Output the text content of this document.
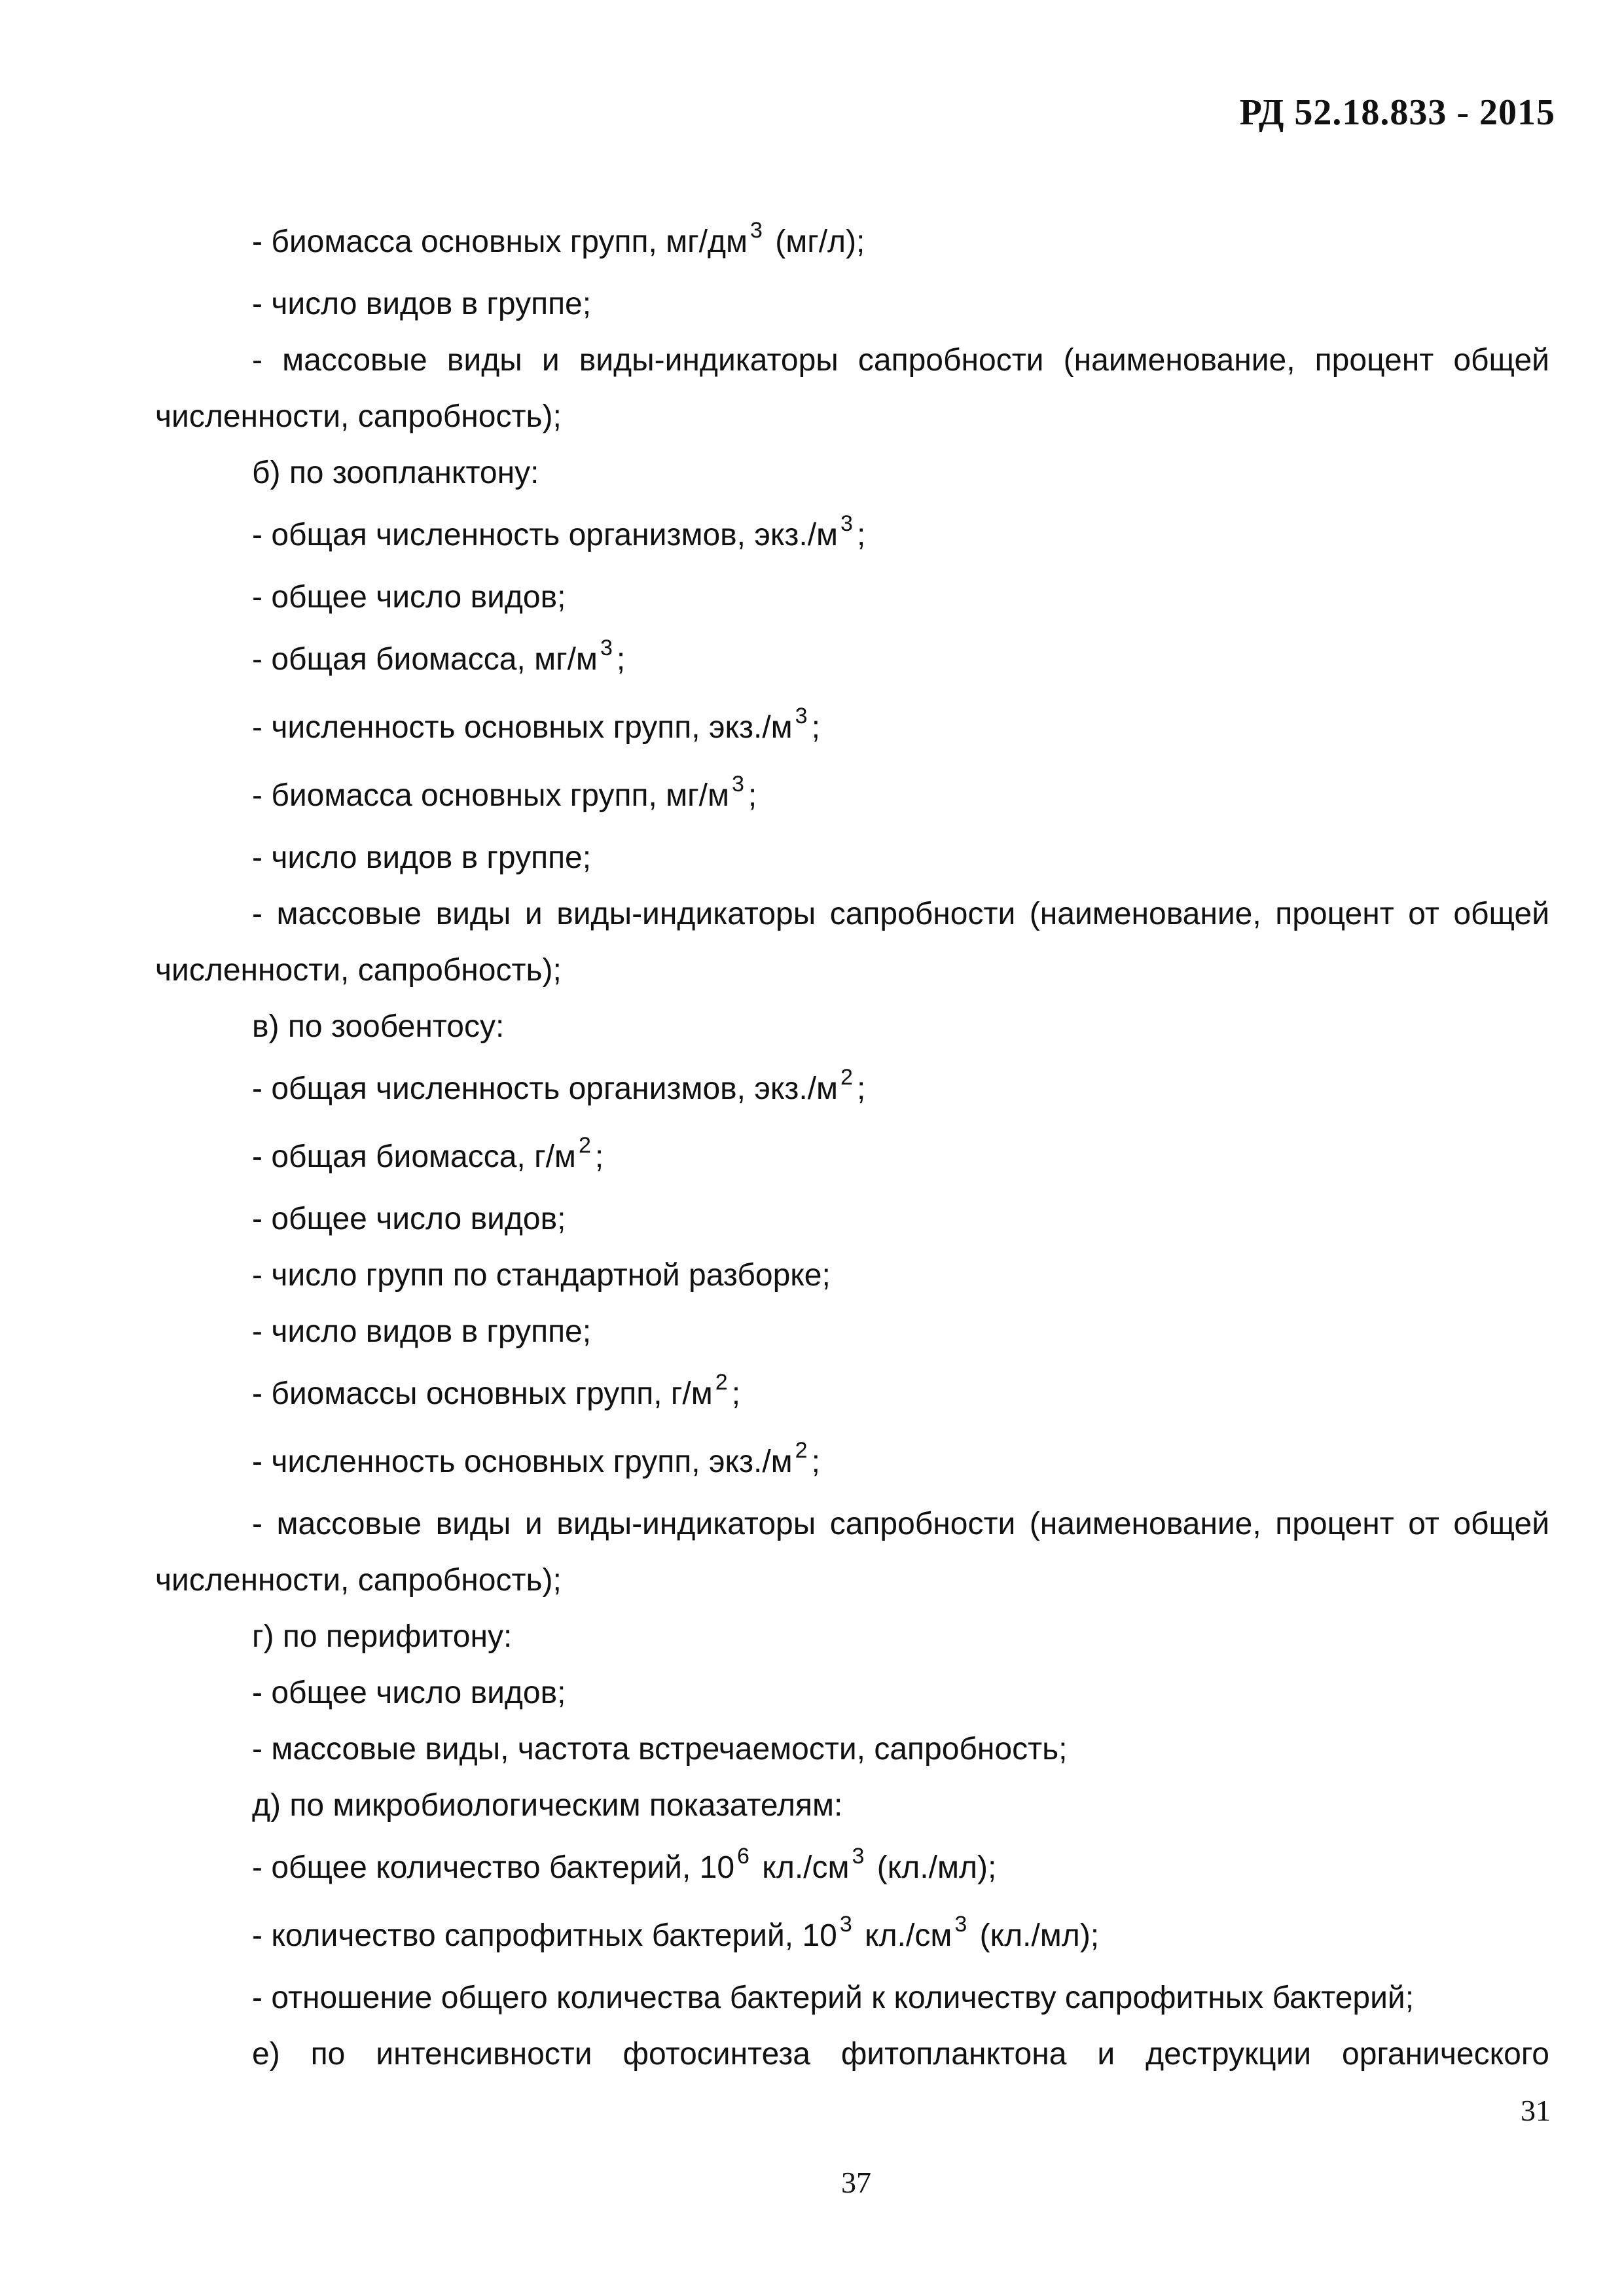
РД 52.18.833 - 2015

- биомасса основных групп, мг/дм $^3$ (мг/л);

- число видов в группе;

- массовые виды и виды-индикаторы сапробности (наименование, процент общей численности, сапробность);

б) по зоопланктону:

- общая численность организмов, экз./м $^3$ ;

- общее число видов;

- общая биомасса, мг/м $^3$ ;

- численность основных групп, экз./м $^3$ ;

- биомасса основных групп, мг/м $^3$ ;

- число видов в группе;

- массовые виды и виды-индикаторы сапробности (наименование, процент от общей численности, сапробность);

в) по зообентосу:

- общая численность организмов, экз./м $^2$ ;

- общая биомасса, г/м $^2$ ;

- общее число видов;

- число групп по стандартной разборке;

- число видов в группе;

- биомассы основных групп, г/м $^2$ ;

- численность основных групп, экз./м $^2$ ;

- массовые виды и виды-индикаторы сапробности (наименование, процент от общей численности, сапробность);

г) по перифитону:

- общее число видов;

- массовые виды, частота встречаемости, сапробность;

д) по микробиологическим показателям:

- общее количество бактерий, 10 $^6$ кл./см $^3$ (кл./мл);

- количество сапрофитных бактерий, 10 $^3$ кл./см $^3$ (кл./мл);

- отношение общего количества бактерий к количеству сапрофитных бактерий;

е) по интенсивности фотосинтеза фитопланктона и деструкции органического

31
37
